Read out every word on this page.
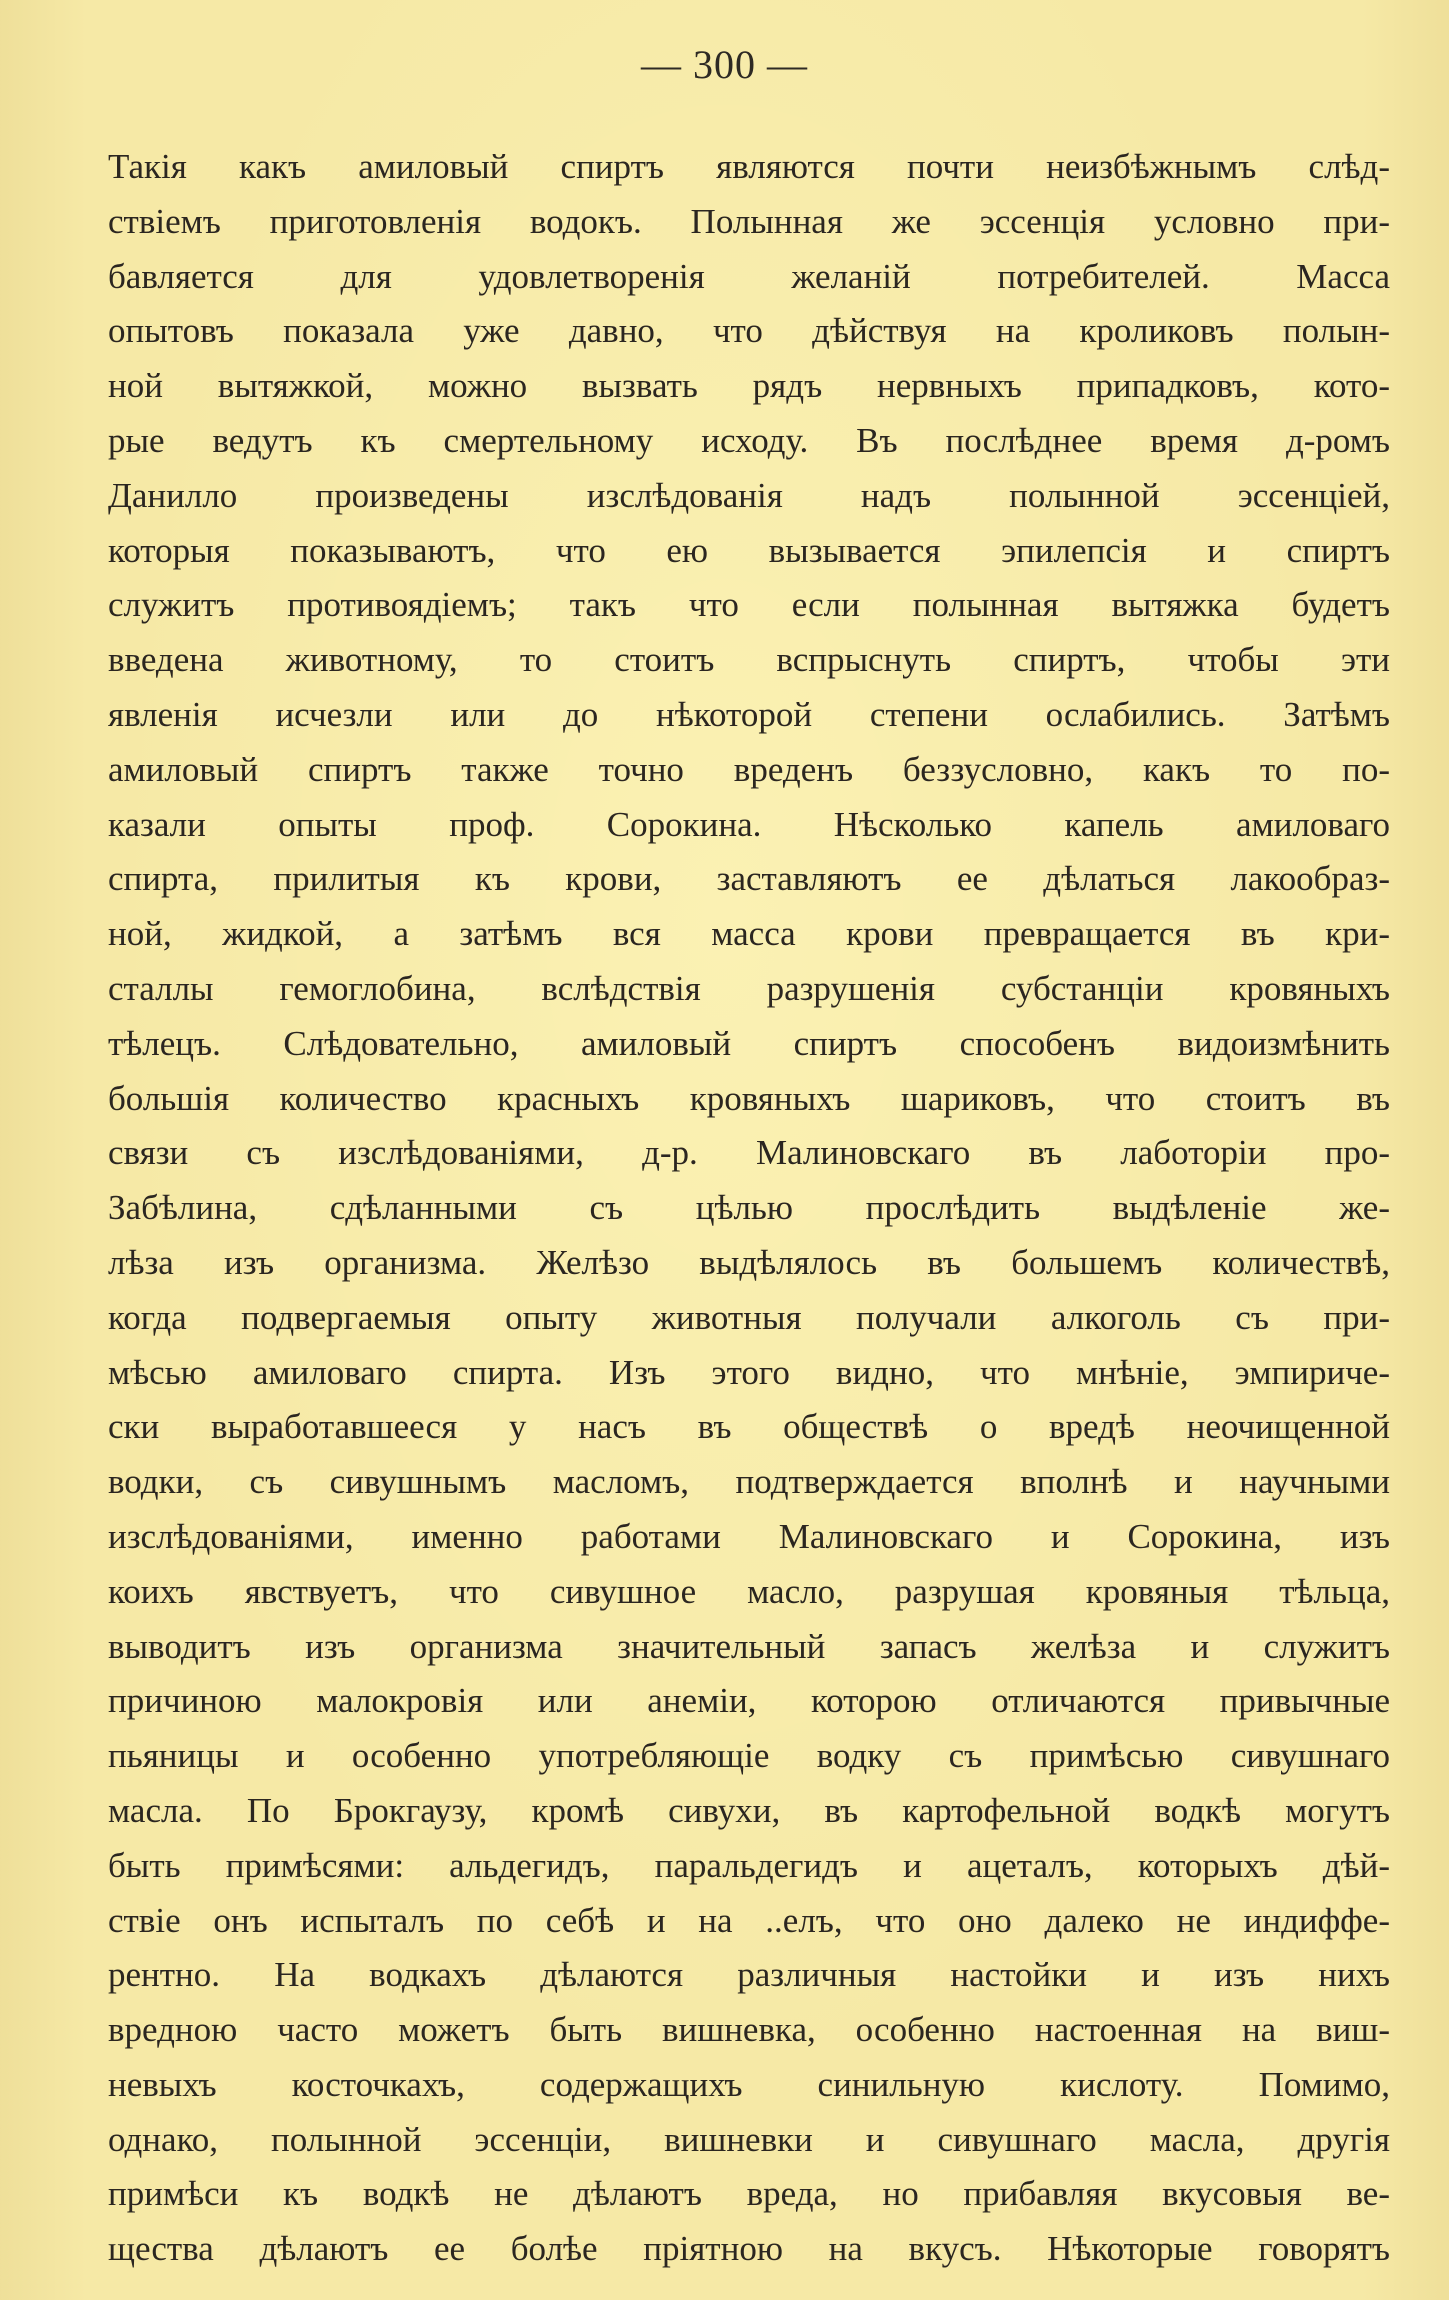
— 300 —
Такія какъ амиловый спиртъ являются почти неизбѣжнымъ слѣд-
ствіемъ приготовленія водокъ. Полынная же эссенція условно при-
бавляется для удовлетворенія желаній потребителей. Масса
опытовъ показала уже давно, что дѣйствуя на кроликовъ полын-
ной вытяжкой, можно вызвать рядъ нервныхъ припадковъ, кото-
рые ведутъ къ смертельному исходу. Въ послѣднее время д-ромъ
Данилло произведены изслѣдованія надъ полынной эссенціей,
которыя показываютъ, что ею вызывается эпилепсія и спиртъ
служитъ противоядіемъ; такъ что если полынная вытяжка будетъ
введена животному, то стоитъ вспрыснуть спиртъ, чтобы эти
явленія исчезли или до нѣкоторой степени ослабились. Затѣмъ
амиловый спиртъ также точно вреденъ беззусловно, какъ то по-
казали опыты проф. Сорокина. Нѣсколько капель амиловаго
спирта, прилитыя къ крови, заставляютъ ее дѣлаться лакообраз-
ной, жидкой, а затѣмъ вся масса крови превращается въ кри-
сталлы гемоглобина, вслѣдствія разрушенія субстанціи кровяныхъ
тѣлецъ. Слѣдовательно, амиловый спиртъ способенъ видоизмѣнить
большія количество красныхъ кровяныхъ шариковъ, что стоитъ въ
связи съ изслѣдованіями, д-р. Малиновскаго въ лаботоріи про-
Забѣлина, сдѣланными съ цѣлью прослѣдить выдѣленіе же-
лѣза изъ организма. Желѣзо выдѣлялось въ большемъ количествѣ,
когда подвергаемыя опыту животныя получали алкоголь съ при-
мѣсью амиловаго спирта. Изъ этого видно, что мнѣніе, эмпириче-
ски выработавшееся у насъ въ обществѣ о вредѣ неочищенной
водки, съ сивушнымъ масломъ, подтверждается вполнѣ и научными
изслѣдованіями, именно работами Малиновскаго и Сорокина, изъ
коихъ явствуетъ, что сивушное масло, разрушая кровяныя тѣльца,
выводитъ изъ организма значительный запасъ желѣза и служитъ
причиною малокровія или анеміи, которою отличаются привычные
пьяницы и особенно употребляющіе водку съ примѣсью сивушнаго
масла. По Брокгаузу, кромѣ сивухи, въ картофельной водкѣ могутъ
быть примѣсями: альдегидъ, паральдегидъ и ацеталъ, которыхъ дѣй-
ствіе онъ испыталъ по себѣ и на ..елъ, что оно далеко не индиффе-
рентно. На водкахъ дѣлаются различныя настойки и изъ нихъ
вредною часто можетъ быть вишневка, особенно настоенная на виш-
невыхъ косточкахъ, содержащихъ синильную кислоту. Помимо,
однако, полынной эссенціи, вишневки и сивушнаго масла, другія
примѣси къ водкѣ не дѣлаютъ вреда, но прибавляя вкусовыя ве-
щества дѣлаютъ ее болѣе пріятною на вкусъ. Нѣкоторые говорятъ
